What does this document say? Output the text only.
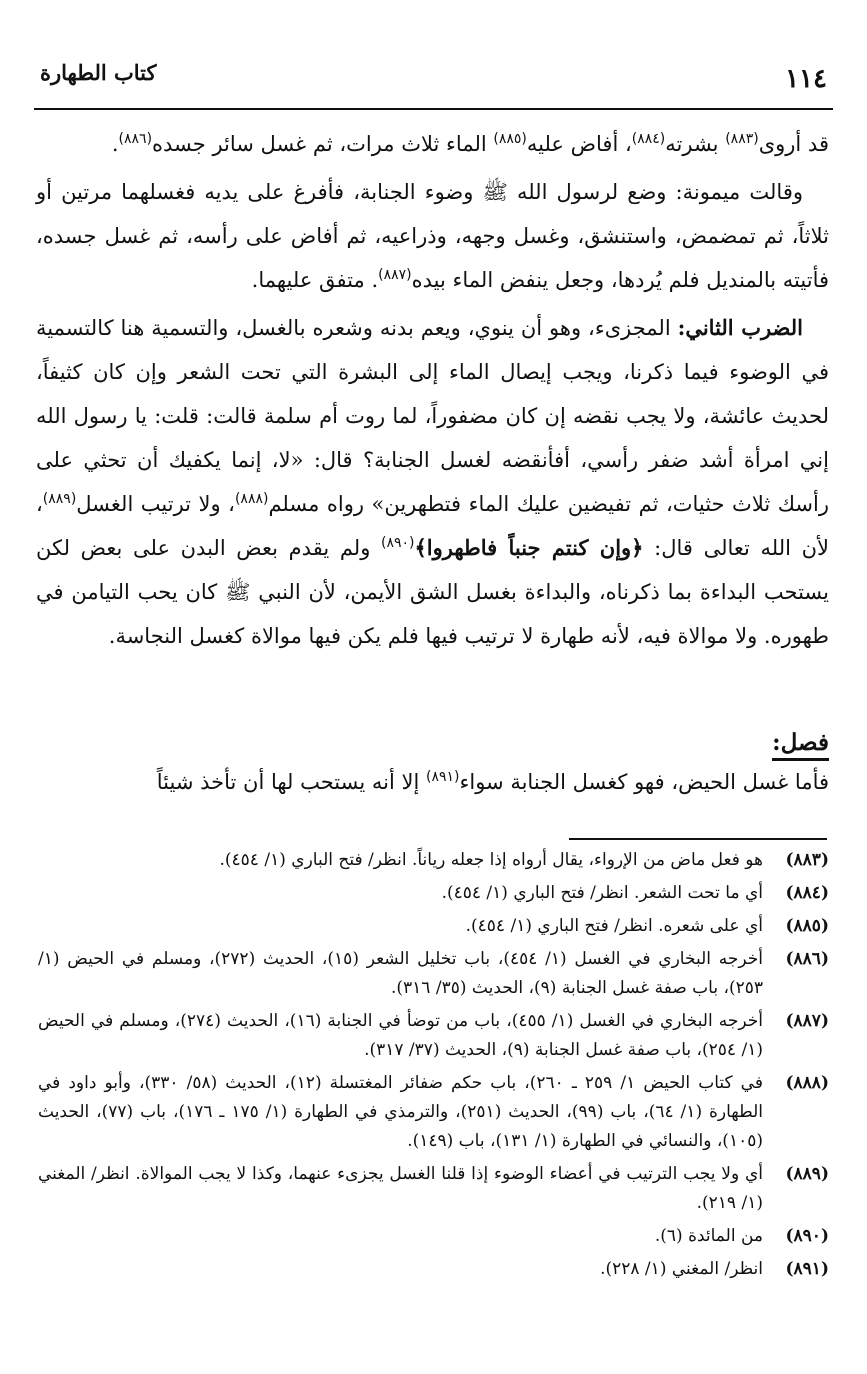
١١٤
كتاب الطهارة

قد أروى$^{(٨٨٣)}$ بشرته$^{(٨٨٤)}$، أفاض عليه$^{(٨٨٥)}$ الماء ثلاث مرات، ثم غسل سائر جسده$^{(٨٨٦)}$.

وقالت ميمونة: وضع لرسول الله ﷺ وضوء الجنابة، فأفرغ على يديه فغسلهما مرتين أو ثلاثاً، ثم تمضمض، واستنشق، وغسل وجهه، وذراعيه، ثم أفاض على رأسه، ثم غسل جسده، فأتيته بالمنديل فلم يُردها، وجعل ينفض الماء بيده$^{(٨٨٧)}$. متفق عليهما.

الضرب الثاني: المجزىء، وهو أن ينوي، ويعم بدنه وشعره بالغسل، والتسمية هنا كالتسمية في الوضوء فيما ذكرنا، ويجب إيصال الماء إلى البشرة التي تحت الشعر وإن كان كثيفاً، لحديث عائشة، ولا يجب نقضه إن كان مضفوراً، لما روت أم سلمة قالت: قلت: يا رسول الله إني امرأة أشد ضفر رأسي، أفأنقضه لغسل الجنابة؟ قال: «لا، إنما يكفيك أن تحثي على رأسك ثلاث حثيات، ثم تفيضين عليك الماء فتطهرين» رواه مسلم$^{(٨٨٨)}$، ولا ترتيب الغسل$^{(٨٨٩)}$، لأن الله تعالى قال: ﴿وإن كنتم جنباً فاطهروا﴾$^{(٨٩٠)}$ ولم يقدم بعض البدن على بعض لكن يستحب البداءة بما ذكرناه، والبداءة بغسل الشق الأيمن، لأن النبي ﷺ كان يحب التيامن في طهوره. ولا موالاة فيه، لأنه طهارة لا ترتيب فيها فلم يكن فيها موالاة كغسل النجاسة.

فصل:

فأما غسل الحيض، فهو كغسل الجنابة سواء$^{(٨٩١)}$ إلا أنه يستحب لها أن تأخذ شيئاً

(٨٨٣)
هو فعل ماض من الإرواء، يقال أرواه إذا جعله رياناً. انظر/ فتح الباري (١/ ٤٥٤).
(٨٨٤)
أي ما تحت الشعر. انظر/ فتح الباري (١/ ٤٥٤).
(٨٨٥)
أي على شعره. انظر/ فتح الباري (١/ ٤٥٤).
(٨٨٦)
أخرجه البخاري في الغسل (١/ ٤٥٤)، باب تخليل الشعر (١٥)، الحديث (٢٧٢)، ومسلم في الحيض (١/ ٢٥٣)، باب صفة غسل الجنابة (٩)، الحديث (٣٥/ ٣١٦).
(٨٨٧)
أخرجه البخاري في الغسل (١/ ٤٥٥)، باب من توضأ في الجنابة (١٦)، الحديث (٢٧٤)، ومسلم في الحيض (١/ ٢٥٤)، باب صفة غسل الجنابة (٩)، الحديث (٣٧/ ٣١٧).
(٨٨٨)
في كتاب الحيض ١/ ٢٥٩ ـ ٢٦٠)، باب حكم ضفائر المغتسلة (١٢)، الحديث (٥٨/ ٣٣٠)، وأبو داود في الطهارة (١/ ٦٤)، باب (٩٩)، الحديث (٢٥١)، والترمذي في الطهارة (١/ ١٧٥ ـ ١٧٦)، باب (٧٧)، الحديث (١٠٥)، والنسائي في الطهارة (١/ ١٣١)، باب (١٤٩).
(٨٨٩)
أي ولا يجب الترتيب في أعضاء الوضوء إذا قلنا الغسل يجزىء عنهما، وكذا لا يجب الموالاة. انظر/ المغني (١/ ٢١٩).
(٨٩٠)
من المائدة (٦).
(٨٩١)
انظر/ المغني (١/ ٢٢٨).
